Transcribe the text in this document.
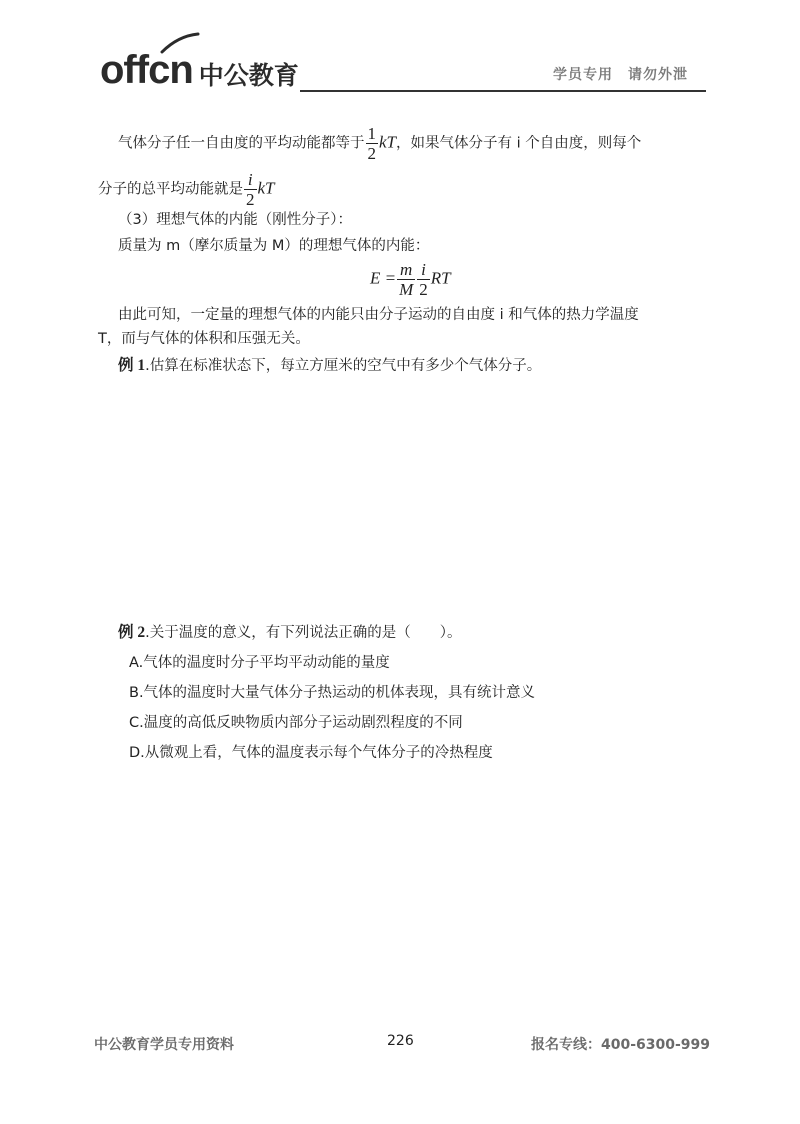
offcn 中公教育	学员专用　请勿外泄
气体分子任一自由度的平均动能都等于 $\frac{1}{2}$ kT，如果气体分子有 i 个自由度，则每个
分子的总平均动能就是 $\frac{i}{2}$ kT
（3）理想气体的内能（刚性分子）：
质量为 m（摩尔质量为 M）的理想气体的内能：
$E = \frac{m}{M} \frac{i}{2}$ RT
由此可知，一定量的理想气体的内能只由分子运动的自由度 i 和气体的热力学温度
T，而与气体的体积和压强无关。
例 1.估算在标准状态下，每立方厘米的空气中有多少个气体分子。
例 2.关于温度的意义，有下列说法正确的是（　　）。
A.气体的温度时分子平均平动动能的量度
B.气体的温度时大量气体分子热运动的机体表现，具有统计意义
C.温度的高低反映物质内部分子运动剧烈程度的不同
D.从微观上看，气体的温度表示每个气体分子的冷热程度
中公教育学员专用资料	226	报名专线：400-6300-999
